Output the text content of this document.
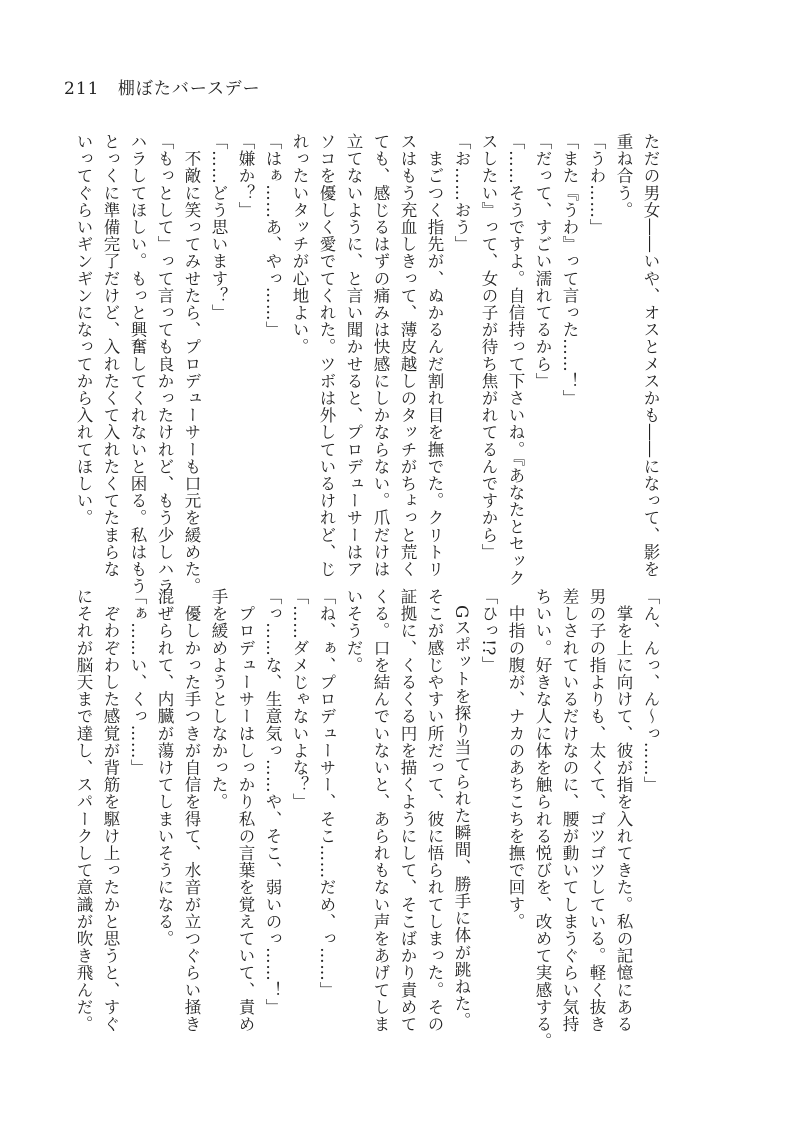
211 棚ぼたバースデー
ただの男女――いや、オスとメスかも――になって、影を
重ね合う。
「うわ……」
「また『うわ』って言った……！」
「だって、すごい濡れてるから」
「……そうですよ。自信持って下さいね。『あなたとセック
スしたい』って、女の子が待ち焦がれてるんですから」
「お……おう」
　まごつく指先が、ぬかるんだ割れ目を撫でた。クリトリ
スはもう充血しきって、薄皮越しのタッチがちょっと荒く
ても、感じるはずの痛みは快感にしかならない。爪だけは
立てないように、と言い聞かせると、プロデューサーはア
ソコを優しく愛でてくれた。ツボは外しているけれど、じ
れったいタッチが心地よい。
「はぁ……あ、やっ……」
「嫌か？」
「……どう思います？」
　不敵に笑ってみせたら、プロデューサーも口元を緩めた。
「もっとして」って言っても良かったけれど、もう少しハラ
ハラしてほしい。もっと興奮してくれないと困る。私はもう
とっくに準備完了だけど、入れたくて入れたくてたまらな
いってぐらいギンギンになってから入れてほしい。
「ん、んっ、ん〜っ……」
　掌を上に向けて、彼が指を入れてきた。私の記憶にある
男の子の指よりも、太くて、ゴツゴツしている。軽く抜き
差しされているだけなのに、腰が動いてしまうぐらい気持
ちいい。好きな人に体を触られる悦びを、改めて実感する。
　中指の腹が、ナカのあちこちを撫で回す。
「ひっ!?」
　Gスポットを探り当てられた瞬間、勝手に体が跳ねた。
そこが感じやすい所だって、彼に悟られてしまった。その
証拠に、くるくる円を描くようにして、そこばかり責めて
くる。口を結んでいないと、あられもない声をあげてしま
いそうだ。
「ね、ぁ、プロデューサー、そこ……だめ、っ……」
「……ダメじゃないよな？」
「っ……な、生意気っ……や、そこ、弱いのっ……！」
　プロデューサーはしっかり私の言葉を覚えていて、責め
手を緩めようとしなかった。
　優しかった手つきが自信を得て、水音が立つぐらい掻き
混ぜられて、内臓が蕩けてしまいそうになる。
「ぁ……い、くっ……」
　ぞわぞわした感覚が背筋を駆け上ったかと思うと、すぐ
にそれが脳天まで達し、スパークして意識が吹き飛んだ。
